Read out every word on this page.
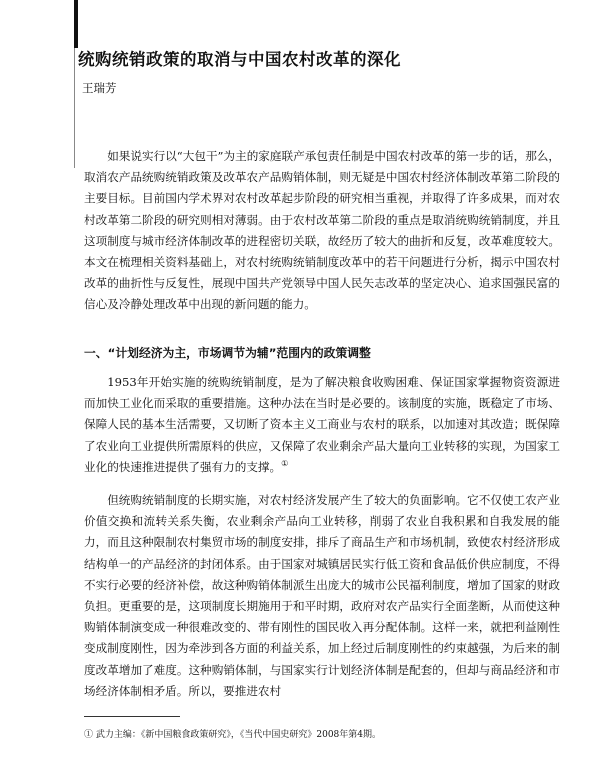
统购统销政策的取消与中国农村改革的深化
王瑞芳

如果说实行以“大包干”为主的家庭联产承包责任制是中国农村改革的第一步的话，那么，取消农产品统购统销政策及改革农产品购销体制，则无疑是中国农村经济体制改革第二阶段的主要目标。目前国内学术界对农村改革起步阶段的研究相当重视，并取得了许多成果，而对农村改革第二阶段的研究则相对薄弱。由于农村改革第二阶段的重点是取消统购统销制度，并且这项制度与城市经济体制改革的进程密切关联，故经历了较大的曲折和反复，改革难度较大。本文在梳理相关资料基础上，对农村统购统销制度改革中的若干问题进行分析，揭示中国农村改革的曲折性与反复性，展现中国共产党领导中国人民矢志改革的坚定决心、追求国强民富的信心及冷静处理改革中出现的新问题的能力。

一、“计划经济为主，市场调节为辅”范围内的政策调整

1953年开始实施的统购统销制度，是为了解决粮食收购困难、保证国家掌握物资资源进而加快工业化而采取的重要措施。这种办法在当时是必要的。该制度的实施，既稳定了市场、保障人民的基本生活需要，又切断了资本主义工商业与农村的联系，以加速对其改造；既保障了农业向工业提供所需原料的供应，又保障了农业剩余产品大量向工业转移的实现，为国家工业化的快速推进提供了强有力的支撑。①

但统购统销制度的长期实施，对农村经济发展产生了较大的负面影响。它不仅使工农产业价值交换和流转关系失衡，农业剩余产品向工业转移，削弱了农业自我积累和自我发展的能力，而且这种限制农村集贸市场的制度安排，排斥了商品生产和市场机制，致使农村经济形成结构单一的产品经济的封闭体系。由于国家对城镇居民实行低工资和食品低价供应制度，不得不实行必要的经济补偿，故这种购销体制派生出庞大的城市公民福利制度，增加了国家的财政负担。更重要的是，这项制度长期施用于和平时期，政府对农产品实行全面垄断，从而使这种购销体制演变成一种很难改变的、带有刚性的国民收入再分配体制。这样一来，就把利益刚性变成制度刚性，因为牵涉到各方面的利益关系，加上经过后制度刚性的约束越强，为后来的制度改革增加了难度。这种购销体制，与国家实行计划经济体制是配套的，但却与商品经济和市场经济体制相矛盾。所以，要推进农村

① 武力主编：《新中国粮食政策研究》，《当代中国史研究》2008年第4期。
